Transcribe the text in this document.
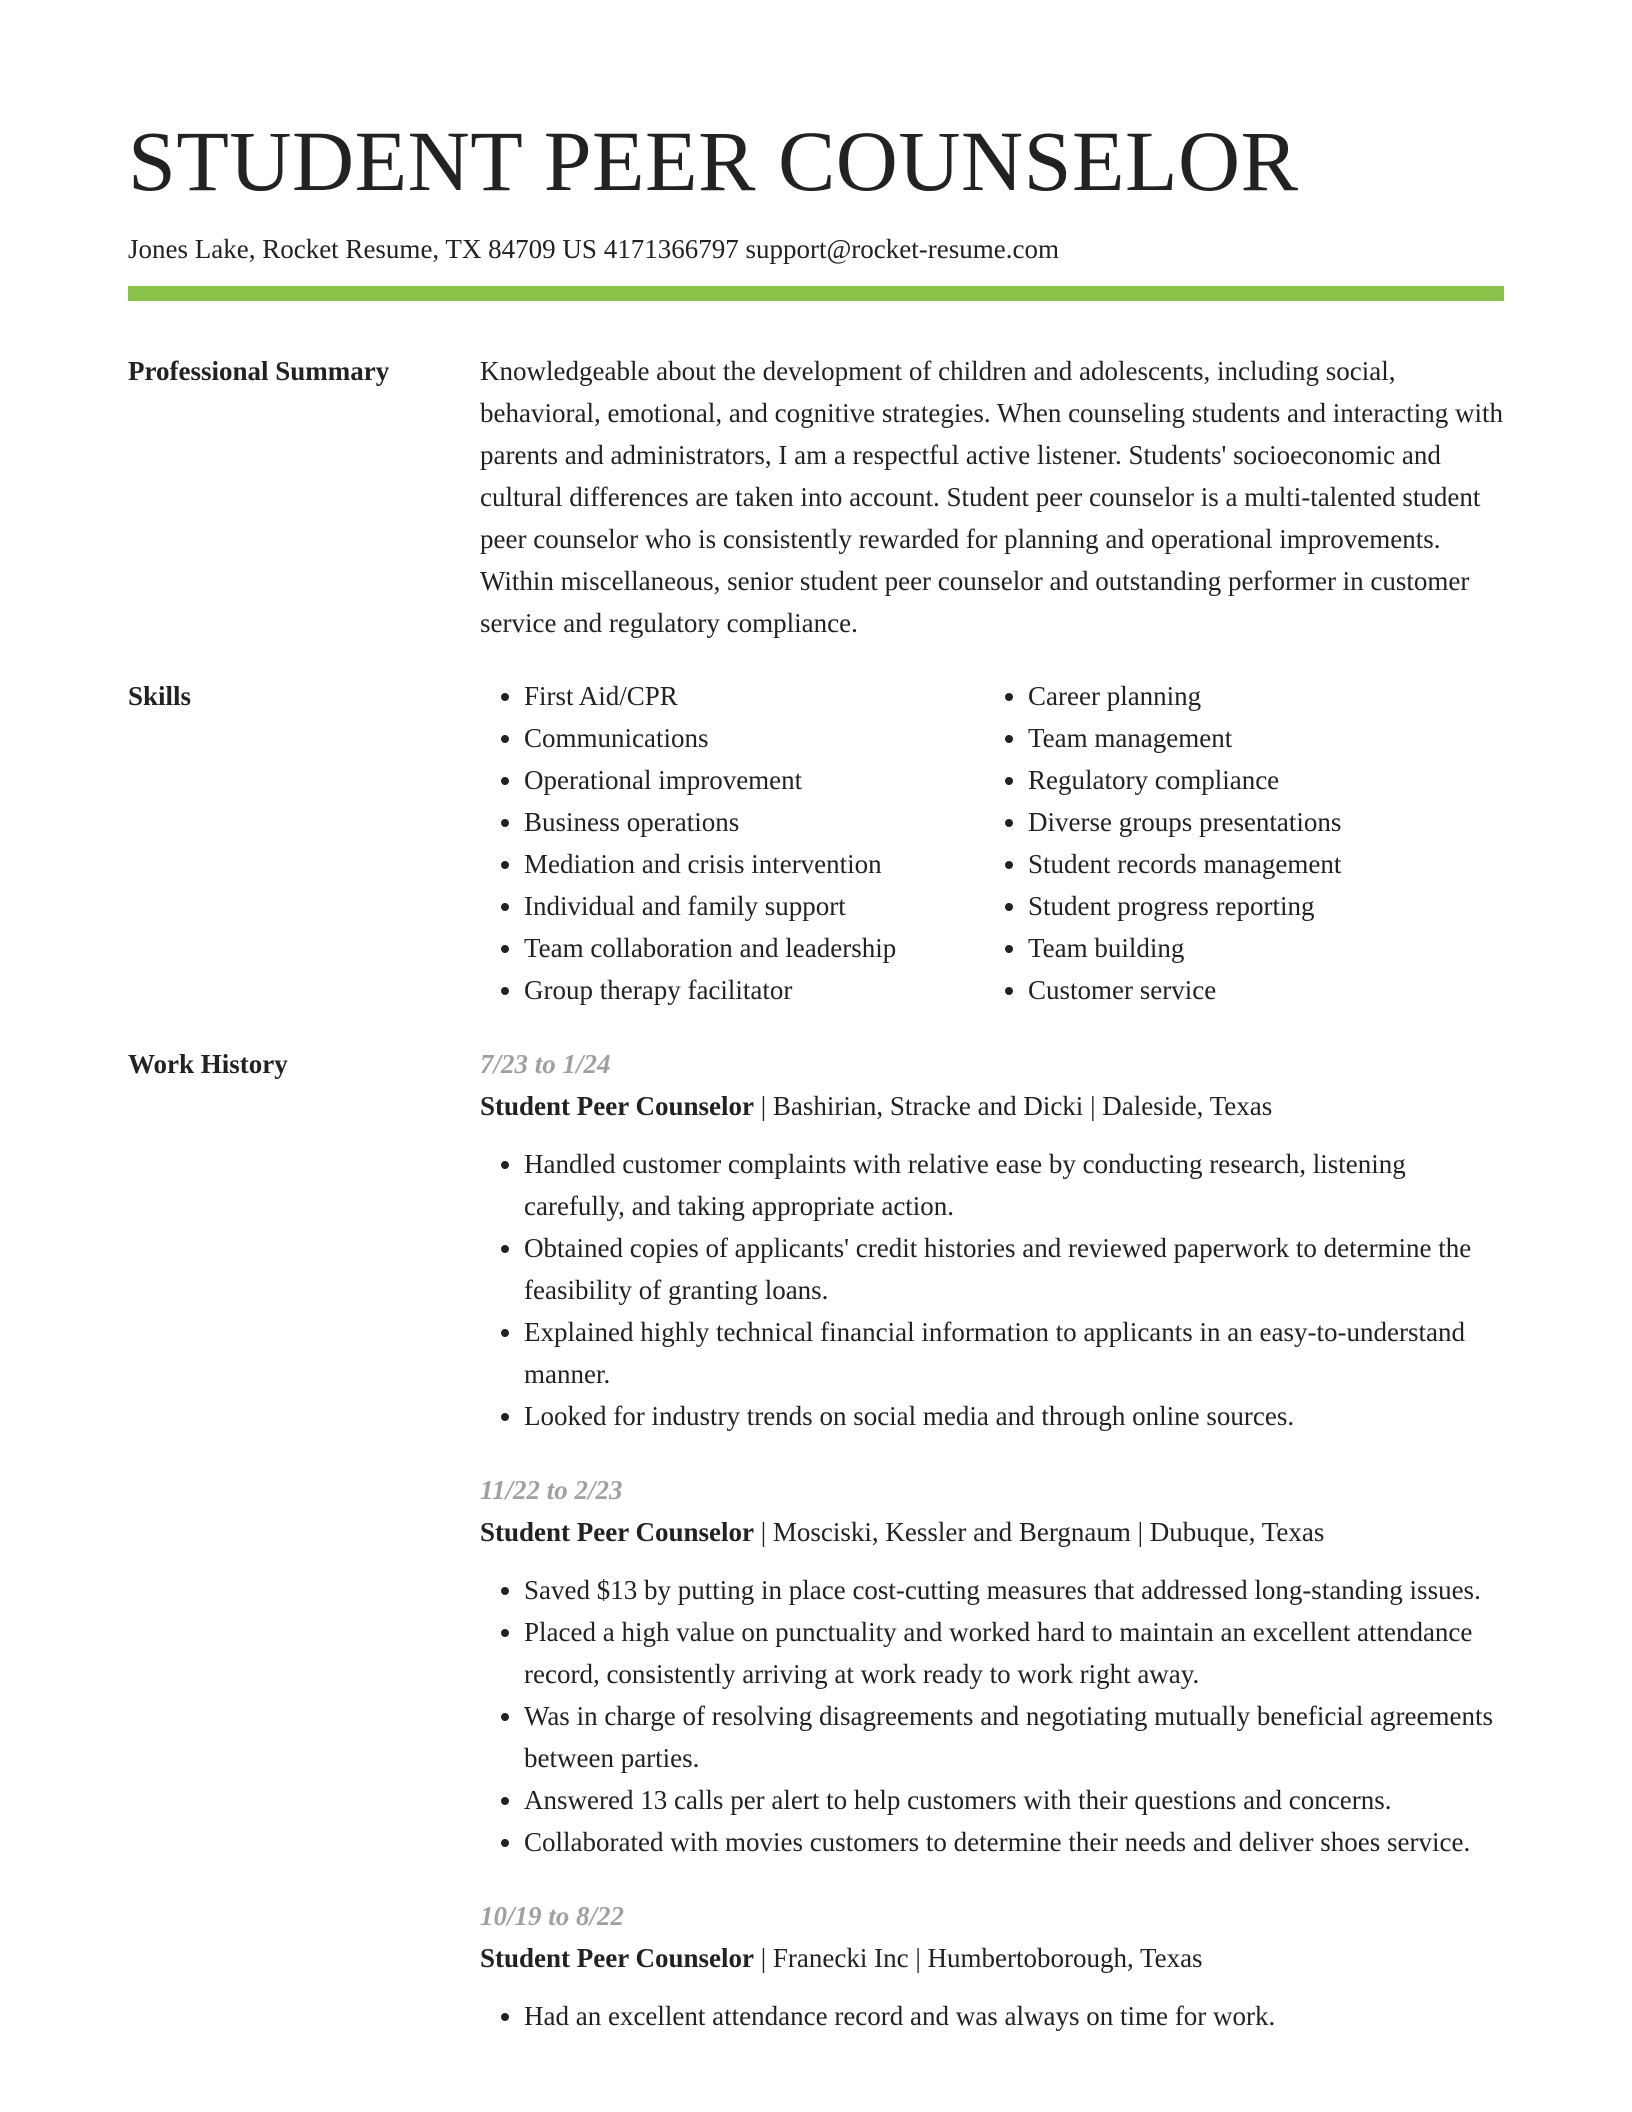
STUDENT PEER COUNSELOR
Jones Lake, Rocket Resume, TX 84709 US 4171366797 support@rocket-resume.com
Professional Summary	Knowledgeable about the development of children and adolescents, including social, behavioral, emotional, and cognitive strategies. When counseling students and interacting with parents and administrators, I am a respectful active listener. Students' socioeconomic and cultural differences are taken into account. Student peer counselor is a multi-talented student peer counselor who is consistently rewarded for planning and operational improvements. Within miscellaneous, senior student peer counselor and outstanding performer in customer service and regulatory compliance.

Skills
•	First Aid/CPR
• Communications
• Operational improvement
• Business operations
• Mediation and crisis intervention
• Individual and family support
• Team collaboration and leadership
• Group therapy facilitator
• Career planning
• Team management
• Regulatory compliance
• Diverse groups presentations
• Student records management
• Student progress reporting
• Team building
• Customer service
Work History	7/23 to 1/24
Student Peer Counselor | Bashirian, Stracke and Dicki | Daleside, Texas
• Handled customer complaints with relative ease by conducting research, listening carefully, and taking appropriate action.
• Obtained copies of applicants' credit histories and reviewed paperwork to determine the feasibility of granting loans.
• Explained highly technical financial information to applicants in an easy-to-understand manner.
• Looked for industry trends on social media and through online sources.
11/22 to 2/23
Student Peer Counselor | Mosciski, Kessler and Bergnaum | Dubuque, Texas
• Saved $13 by putting in place cost-cutting measures that addressed long-standing issues.
• Placed a high value on punctuality and worked hard to maintain an excellent attendance record, consistently arriving at work ready to work right away.
• Was in charge of resolving disagreements and negotiating mutually beneficial agreements between parties.
• Answered 13 calls per alert to help customers with their questions and concerns.
• Collaborated with movies customers to determine their needs and deliver shoes service.
10/19 to 8/22
Student Peer Counselor | Franecki Inc | Humbertoborough, Texas
• Had an excellent attendance record and was always on time for work.
